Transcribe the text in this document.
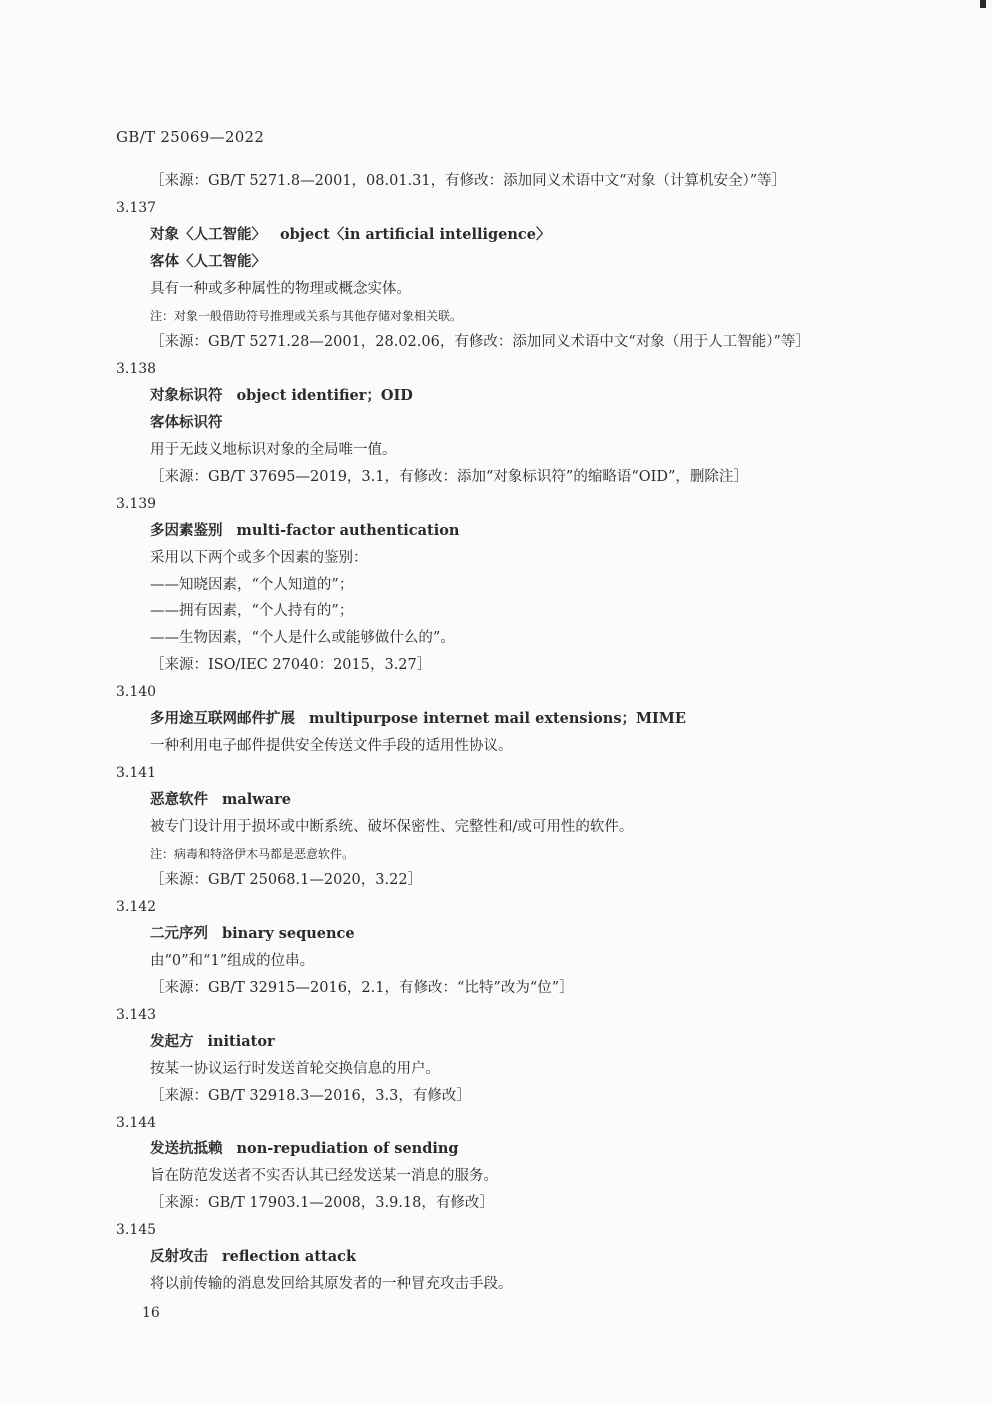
GB/T 25069—2022
［来源：GB/T 5271.8—2001，08.01.31，有修改：添加同义术语中文“对象（计算机安全）”等］
3.137
对象〈人工智能〉 object〈in artificial intelligence〉
客体〈人工智能〉
具有一种或多种属性的物理或概念实体。
注：对象一般借助符号推理或关系与其他存储对象相关联。
［来源：GB/T 5271.28—2001，28.02.06，有修改：添加同义术语中文“对象（用于人工智能）”等］
3.138
对象标识符 object identifier；OID
客体标识符
用于无歧义地标识对象的全局唯一值。
［来源：GB/T 37695—2019，3.1，有修改：添加“对象标识符”的缩略语“OID”，删除注］
3.139
多因素鉴别 multi-factor authentication
采用以下两个或多个因素的鉴别：
——知晓因素，“个人知道的”；
——拥有因素，“个人持有的”；
——生物因素，“个人是什么或能够做什么的”。
［来源：ISO/IEC 27040：2015，3.27］
3.140
多用途互联网邮件扩展 multipurpose internet mail extensions；MIME
一种利用电子邮件提供安全传送文件手段的适用性协议。
3.141
恶意软件 malware
被专门设计用于损坏或中断系统、破坏保密性、完整性和/或可用性的软件。
注：病毒和特洛伊木马都是恶意软件。
［来源：GB/T 25068.1—2020，3.22］
3.142
二元序列 binary sequence
由“0”和“1”组成的位串。
［来源：GB/T 32915—2016，2.1，有修改：“比特”改为“位”］
3.143
发起方 initiator
按某一协议运行时发送首轮交换信息的用户。
［来源：GB/T 32918.3—2016，3.3，有修改］
3.144
发送抗抵赖 non-repudiation of sending
旨在防范发送者不实否认其已经发送某一消息的服务。
［来源：GB/T 17903.1—2008，3.9.18，有修改］
3.145
反射攻击 reflection attack
将以前传输的消息发回给其原发者的一种冒充攻击手段。
16
